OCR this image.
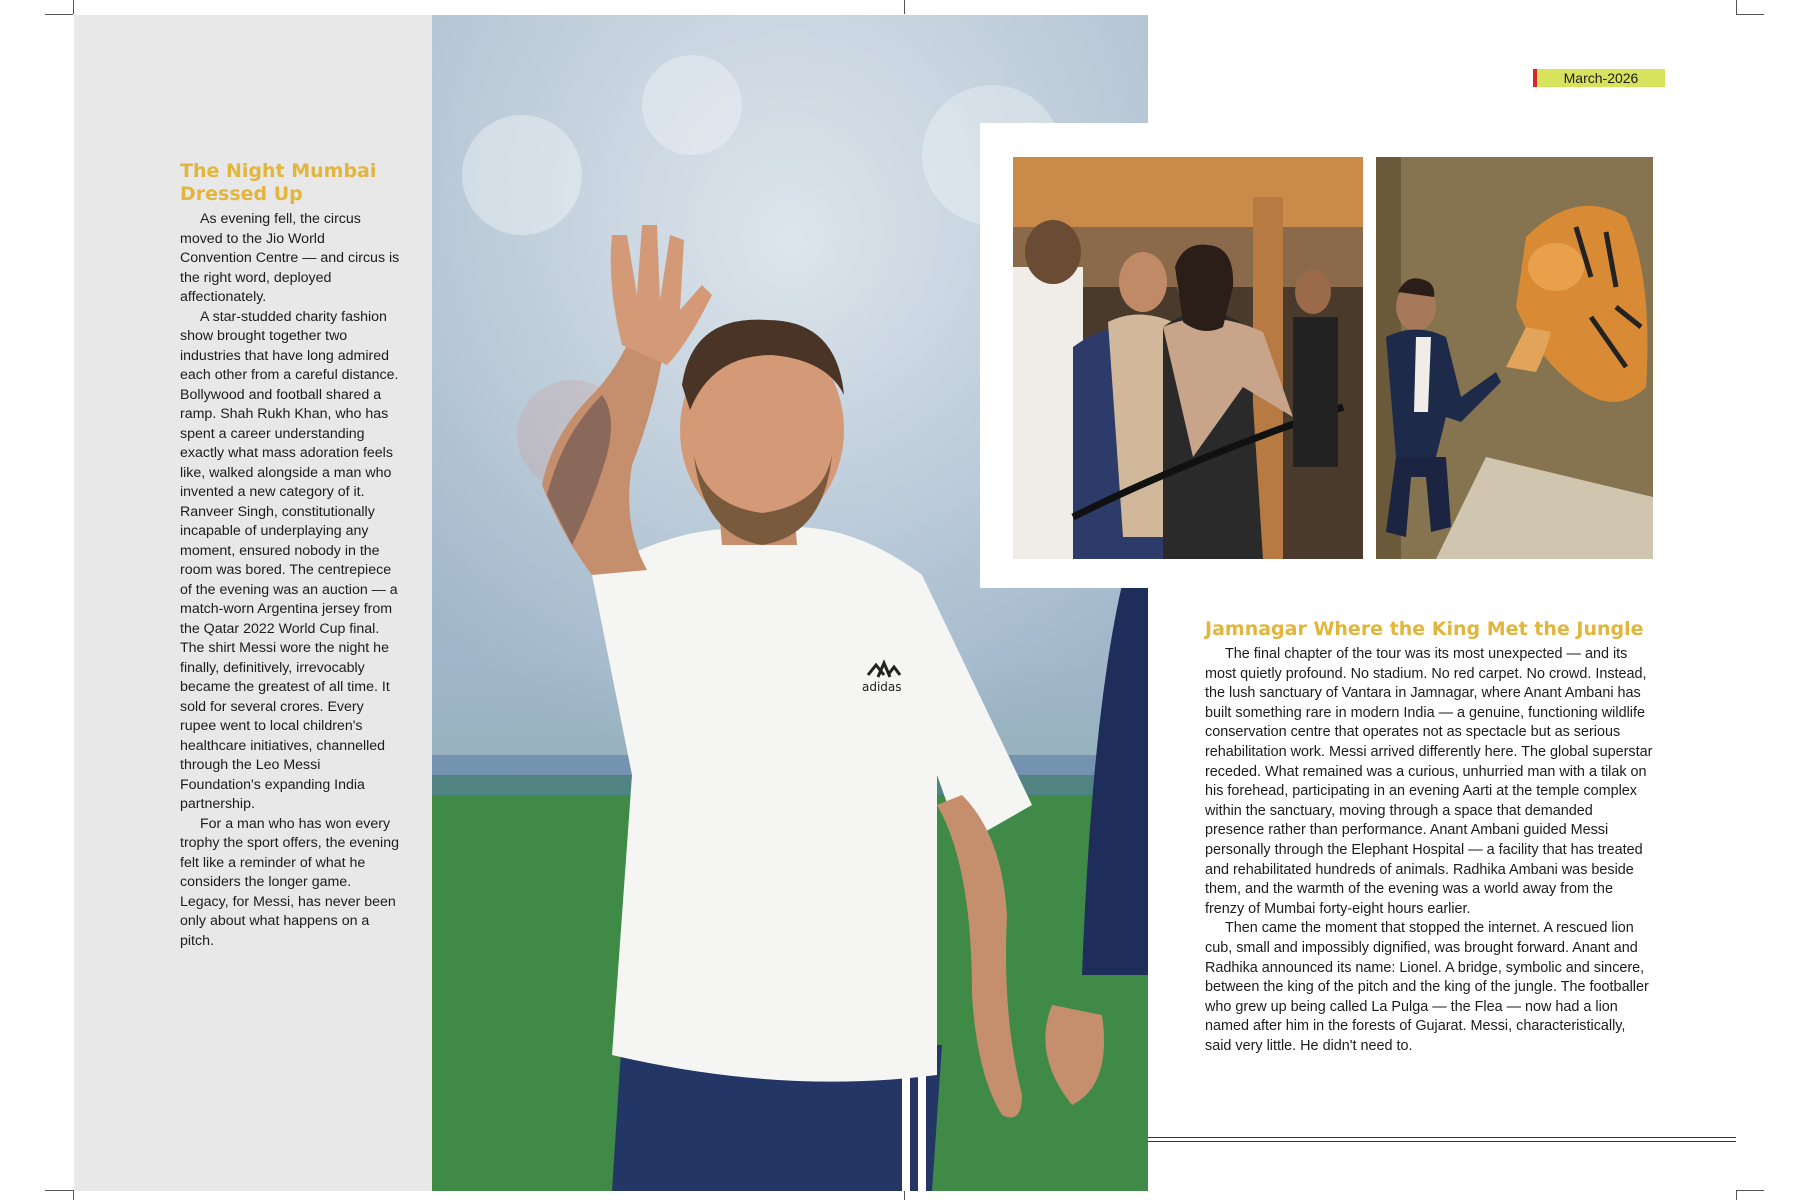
The Night Mumbai Dressed Up

As evening fell, the circus moved to the Jio World Convention Centre — and circus is the right word, deployed affectionately.

A star-studded charity fashion show brought together two industries that have long admired each other from a careful distance. Bollywood and football shared a ramp. Shah Rukh Khan, who has spent a career understanding exactly what mass adoration feels like, walked alongside a man who invented a new category of it. Ranveer Singh, constitutionally incapable of underplaying any moment, ensured nobody in the room was bored. The centrepiece of the evening was an auction — a match-worn Argentina jersey from the Qatar 2022 World Cup final. The shirt Messi wore the night he finally, definitively, irrevocably became the greatest of all time. It sold for several crores. Every rupee went to local children's healthcare initiatives, channelled through the Leo Messi Foundation's expanding India partnership.

For a man who has won every trophy the sport offers, the evening felt like a reminder of what he considers the longer game. Legacy, for Messi, has never been only about what happens on a pitch.

adidas
March-2026
Jamnagar Where the King Met the Jungle

The final chapter of the tour was its most unexpected — and its most quietly profound. No stadium. No red carpet. No crowd. Instead, the lush sanctuary of Vantara in Jamnagar, where Anant Ambani has built something rare in modern India — a genuine, functioning wildlife conservation centre that operates not as spectacle but as serious rehabilitation work. Messi arrived differently here. The global superstar receded. What remained was a curious, unhurried man with a tilak on his forehead, participating in an evening Aarti at the temple complex within the sanctuary, moving through a space that demanded presence rather than performance. Anant Ambani guided Messi personally through the Elephant Hospital — a facility that has treated and rehabilitated hundreds of animals. Radhika Ambani was beside them, and the warmth of the evening was a world away from the frenzy of Mumbai forty-eight hours earlier.

Then came the moment that stopped the internet. A rescued lion cub, small and impossibly dignified, was brought forward. Anant and Radhika announced its name: Lionel. A bridge, symbolic and sincere, between the king of the pitch and the king of the jungle. The footballer who grew up being called La Pulga — the Flea — now had a lion named after him in the forests of Gujarat. Messi, characteristically, said very little. He didn't need to.
